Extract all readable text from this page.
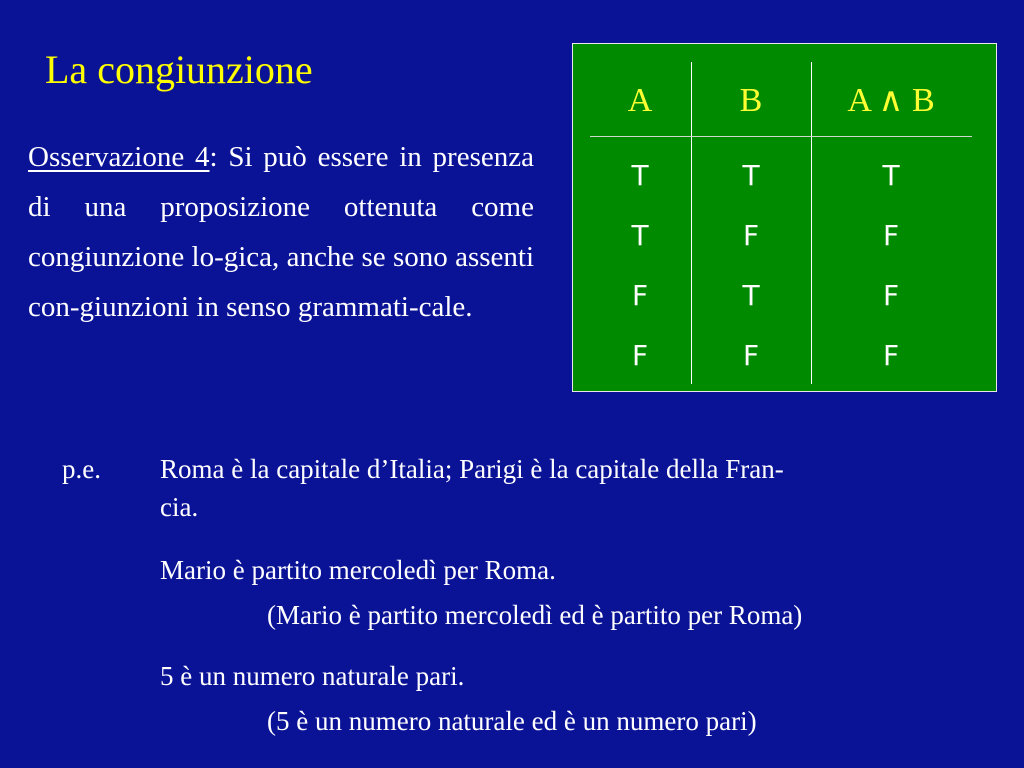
La congiunzione

Osservazione 4: Si può essere in presenza di una proposizione ottenuta come congiunzione lo-gica, anche se sono assenti con-giunzioni in senso grammati-cale.

A	B	A ∧ B
T	T	T
T	F	F
F	T	F
F	F	F

p.e. Roma è la capitale d’Italia; Parigi è la capitale della Fran-

cia.

Mario è partito mercoledì per Roma.

(Mario è partito mercoledì ed è partito per Roma)

5 è un numero naturale pari.

(5 è un numero naturale ed è un numero pari)
